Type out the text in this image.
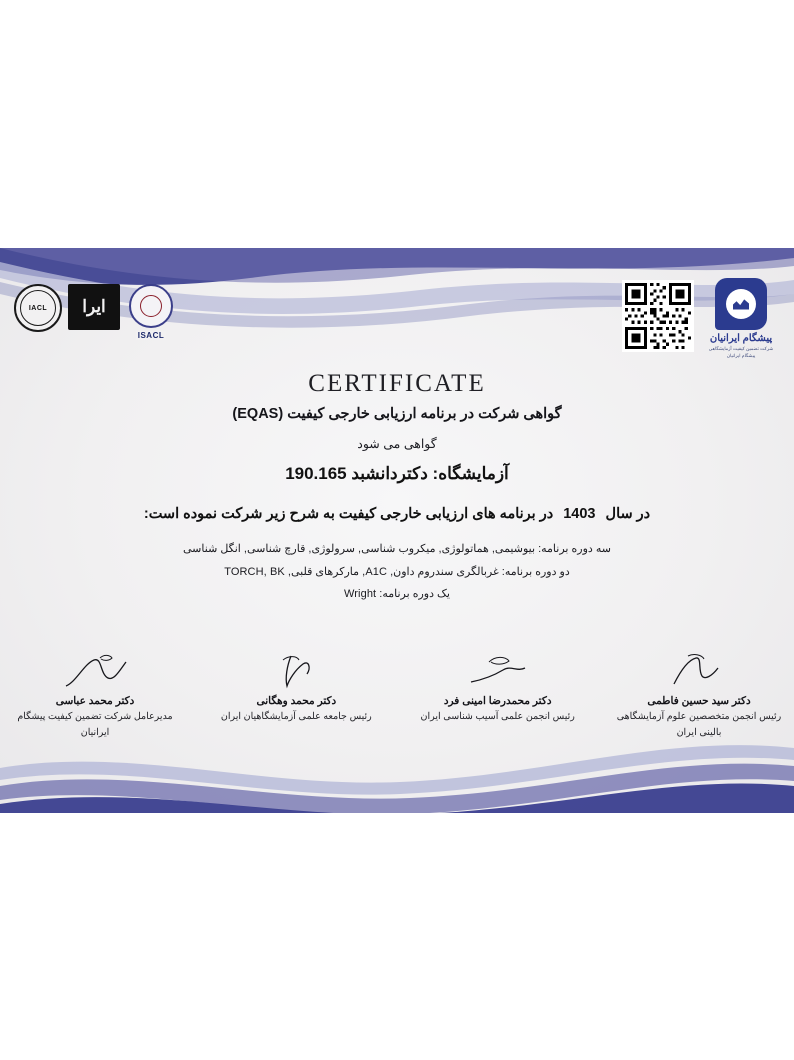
IACL	ایرا
ISACL	پیشگام ایرانیان
شرکت تضمین کیفیت آزمایشگاهی پیشگام ایرانیان
CERTIFICATE
گواهی شرکت در برنامه ارزیابی خارجی کیفیت (EQAS)
گواهی می شود
آزمایشگاه: دکتردانشبد 190.165
در سال 1403 در برنامه های ارزیابی خارجی کیفیت به شرح زیر شرکت نموده است:
سه دوره برنامه: بیوشیمی, هماتولوژی, میکروب شناسی, سرولوژی, قارچ شناسی, انگل شناسی
دو دوره برنامه: غربالگری سندروم داون, A1C, مارکرهای قلبی, TORCH, BK
یک دوره برنامه: Wright
دکتر محمد عباسی
مدیرعامل شرکت تضمین کیفیت پیشگام ایرانیان
دکتر محمد وهگانی
رئیس جامعه علمی آزمایشگاهیان ایران
دکتر محمدرضا امینی فرد
رئیس انجمن علمی آسیب شناسی ایران
دکتر سید حسین فاطمی
رئیس انجمن متخصصین علوم آزمایشگاهی بالینی ایران
